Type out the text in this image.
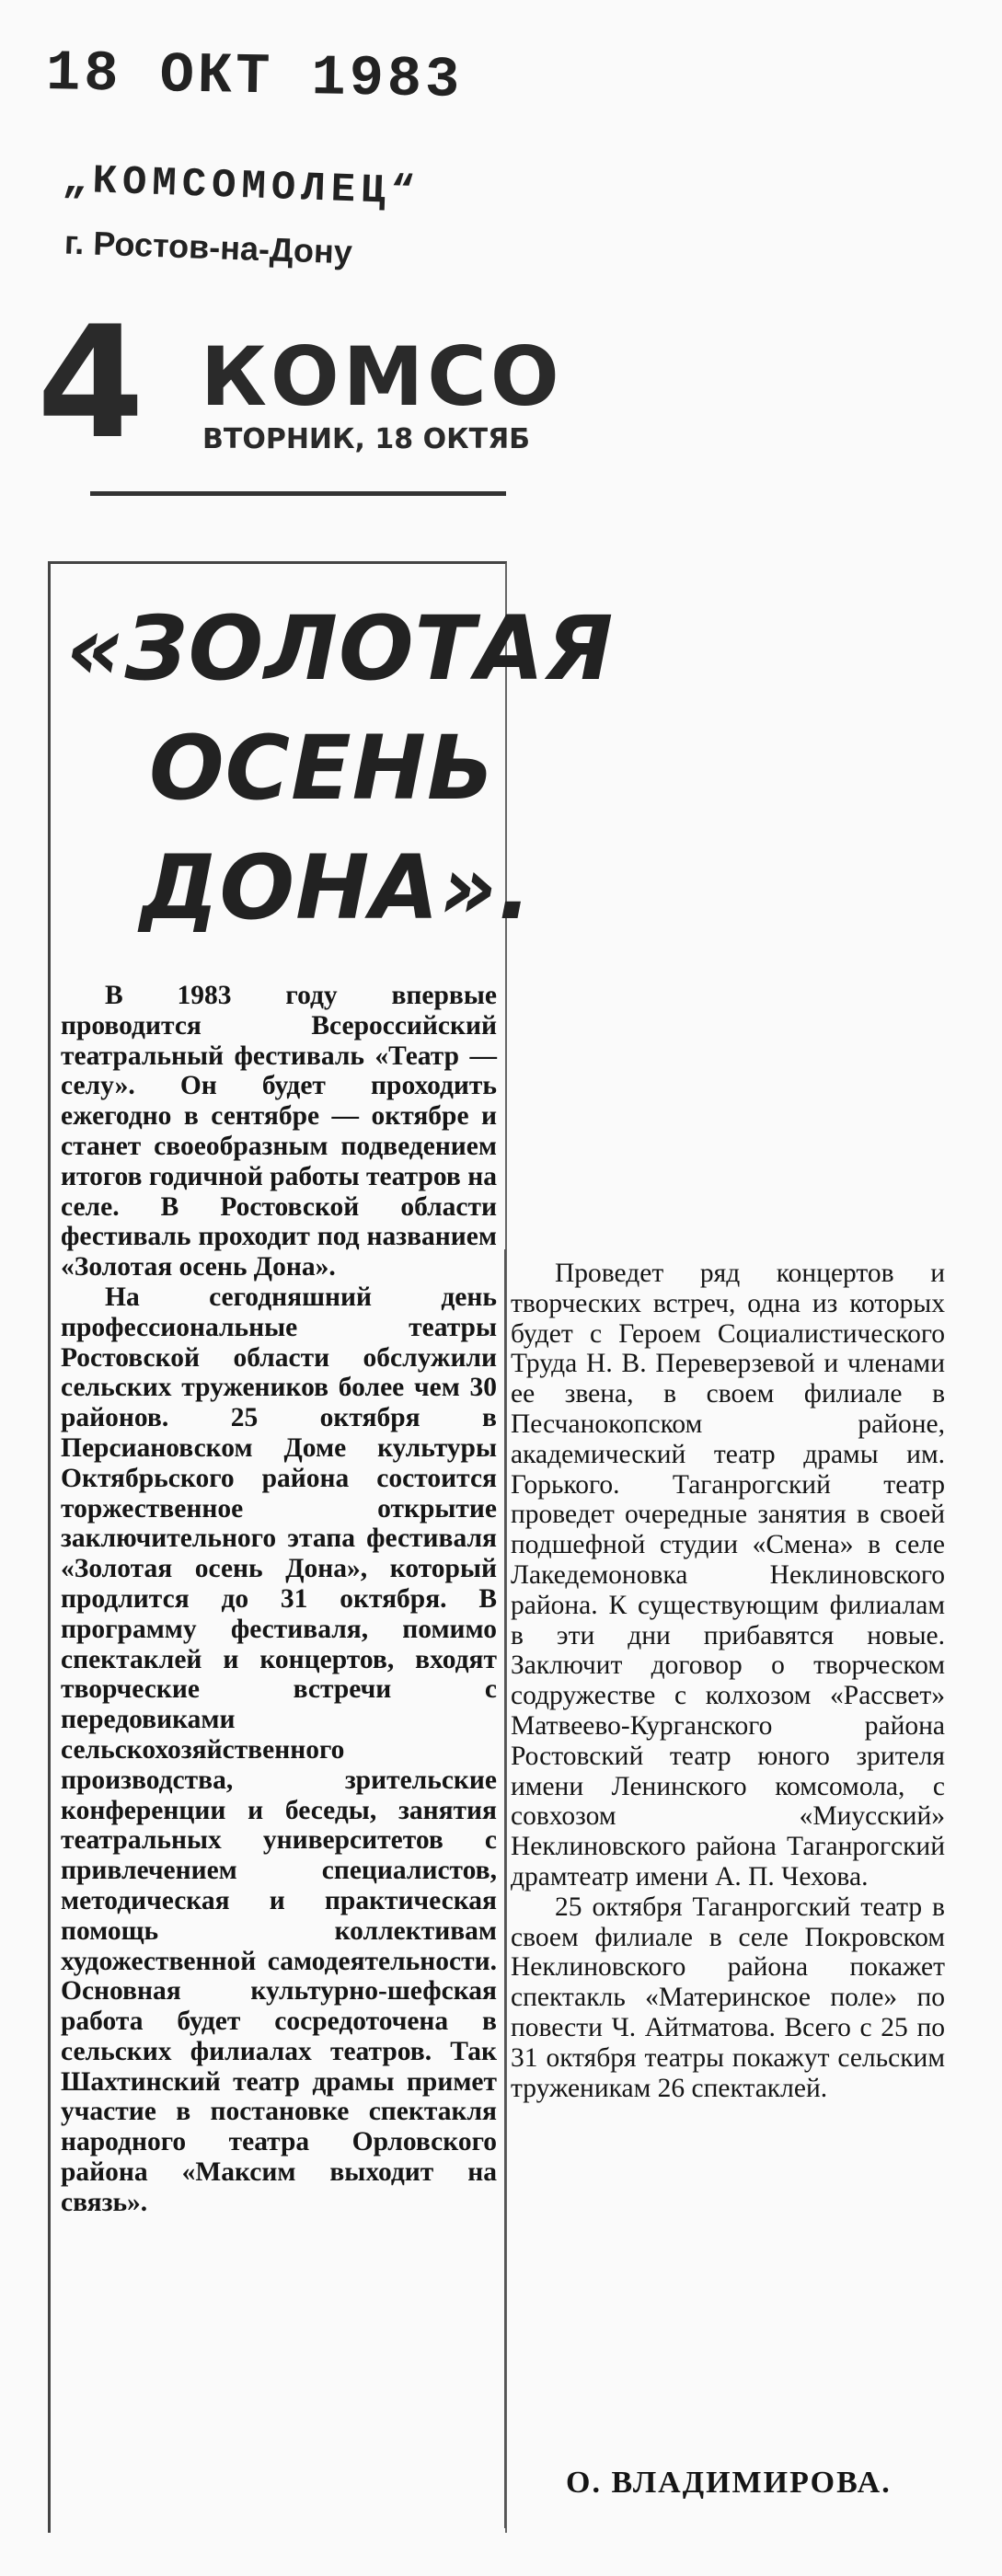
18 ОКТ 1983
„КОМСОМОЛЕЦ“
г. Ростов-на-Дону
4 КОМСО
ВТОРНИК, 18 ОКТЯБ
«ЗОЛОТАЯ
ОСЕНЬ
ДОНА».

В 1983 году впервые проводится Всероссийский театральный фестиваль «Театр — селу». Он будет проходить ежегодно в сентябре — октябре и станет своеобразным подведением итогов годичной работы театров на селе. В Ростовской области фестиваль проходит под названием «Золотая осень Дона».

На сегодняшний день профессиональные театры Ростовской области обслужили сельских тружеников более чем 30 районов. 25 октября в Персиановском Доме культуры Октябрьского района состоится торжественное открытие заключительного этапа фестиваля «Золотая осень Дона», который продлится до 31 октября. В программу фестиваля, помимо спектаклей и концертов, входят творческие встречи с передовиками сельскохозяйственного производства, зрительские конференции и беседы, занятия театральных университетов с привлечением специалистов, методическая и практическая помощь коллективам художественной самодеятельности. Основная культурно-шефская работа будет сосредоточена в сельских филиалах театров. Так Шахтинский театр драмы примет участие в постановке спектакля народного театра Орловского района «Максим выходит на связь».

Проведет ряд концертов и творческих встреч, одна из которых будет с Героем Социалистического Труда Н. В. Переверзевой и членами ее звена, в своем филиале в Песчанокопском районе, академический театр драмы им. Горького. Таганрогский театр проведет очередные занятия в своей подшефной студии «Смена» в селе Лакедемоновка Неклиновского района. К существующим филиалам в эти дни прибавятся новые. Заключит договор о творческом содружестве с колхозом «Рассвет» Матвеево-Курганского района Ростовский театр юного зрителя имени Ленинского комсомола, с совхозом «Миусский» Неклиновского района Таганрогский драмтеатр имени А. П. Чехова.

25 октября Таганрогский театр в своем филиале в селе Покровском Неклиновского района покажет спектакль «Материнское поле» по повести Ч. Айтматова. Всего с 25 по 31 октября театры покажут сельским труженикам 26 спектаклей.

О. ВЛАДИМИРОВА.
